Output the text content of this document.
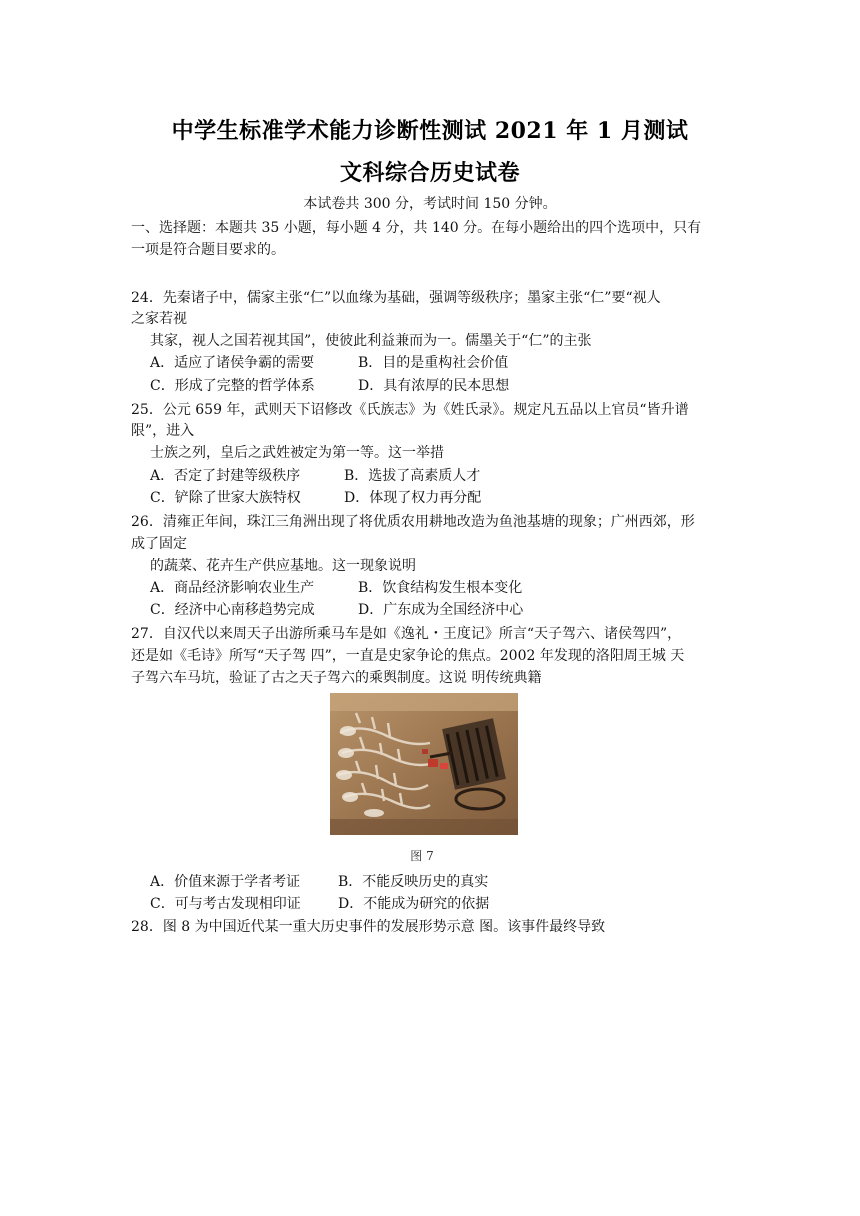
中学生标准学术能力诊断性测试 2021 年 1 月测试
文科综合历史试卷
本试卷共 300 分，考试时间 150 分钟。
一、选择题：本题共 35 小题，每小题 4 分，共 140 分。在每小题给出的四个选项中，只有
一项是符合题目要求的。
24．先秦诸子中，儒家主张“仁”以血缘为基础，强调等级秩序；墨家主张“仁”要“视人
之家若视
其家，视人之国若视其国”，使彼此利益兼而为一。儒墨关于“仁”的主张
A．适应了诸侯争霸的需要	B．目的是重构社会价值
C．形成了完整的哲学体系	D．具有浓厚的民本思想
25．公元 659 年，武则天下诏修改《氏族志》为《姓氏录》。规定凡五品以上官员“皆升谱
限”，进入
士族之列，皇后之武姓被定为第一等。这一举措
A．否定了封建等级秩序	B．选拔了高素质人才
C．铲除了世家大族特权	D．体现了权力再分配
26．清雍正年间，珠江三角洲出现了将优质农用耕地改造为鱼池基塘的现象；广州西郊，形
成了固定
的蔬菜、花卉生产供应基地。这一现象说明
A．商品经济影响农业生产	B．饮食结构发生根本变化
C．经济中心南移趋势完成	D．广东成为全国经济中心
27．自汉代以来周天子出游所乘马车是如《逸礼・王度记》所言“天子驾六、诸侯驾四”，
还是如《毛诗》所写“天子驾 四”，一直是史家争论的焦点。2002 年发现的洛阳周王城 天
子驾六车马坑，验证了古之天子驾六的乘舆制度。这说 明传统典籍
图 7
A．价值来源于学者考证	B．不能反映历史的真实
C．可与考古发现相印证	D．不能成为研究的依据
28．图 8 为中国近代某一重大历史事件的发展形势示意 图。该事件最终导致
